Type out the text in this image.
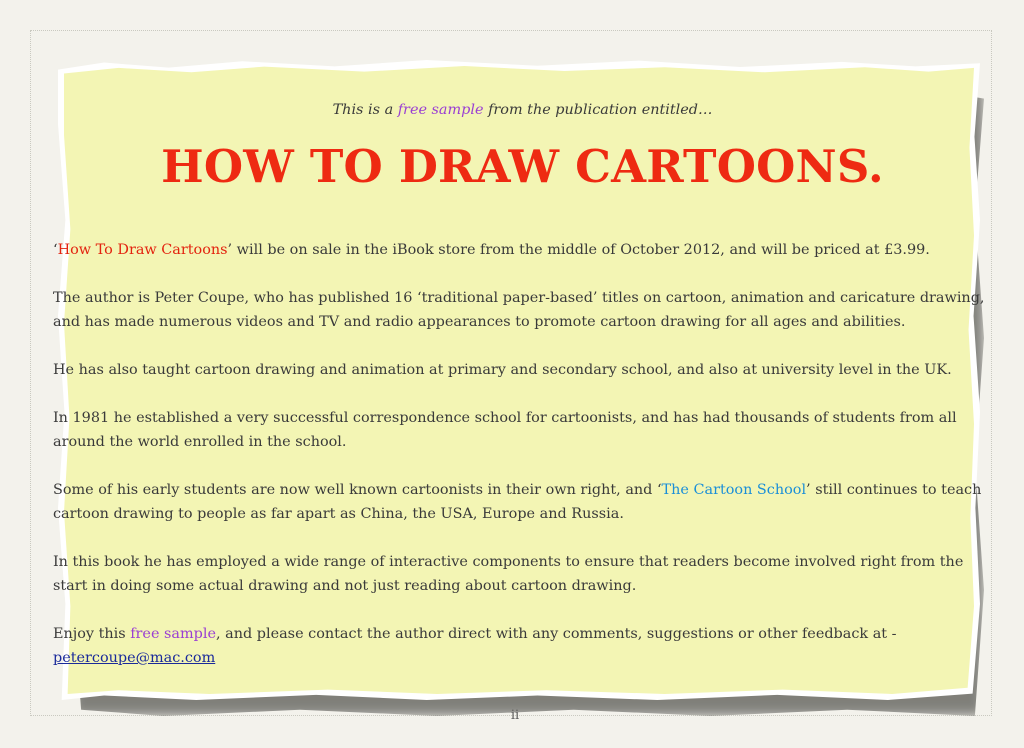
This is a free sample from the publication entitled…

HOW TO DRAW CARTOONS.

‘How To Draw Cartoons’ will be on sale in the iBook store from the middle of October 2012, and will be priced at £3.99.

The author is Peter Coupe, who has published 16 ‘traditional paper-based’ titles on cartoon, animation and caricature drawing, and has made numerous videos and TV and radio appearances to promote cartoon drawing for all ages and abilities.

He has also taught cartoon drawing and animation at primary and secondary school, and also at university level in the UK.

In 1981 he established a very successful correspondence school for cartoonists, and has had thousands of students from all around the world enrolled in the school.

Some of his early students are now well known cartoonists in their own right, and ‘The Cartoon School’ still continues to teach cartoon drawing to people as far apart as China, the USA, Europe and Russia.

In this book he has employed a wide range of interactive components to ensure that readers become involved right from the start in doing some actual drawing and not just reading about cartoon drawing.

Enjoy this free sample, and please contact the author direct with any comments, suggestions or other feedback at - petercoupe@mac.com

ii
